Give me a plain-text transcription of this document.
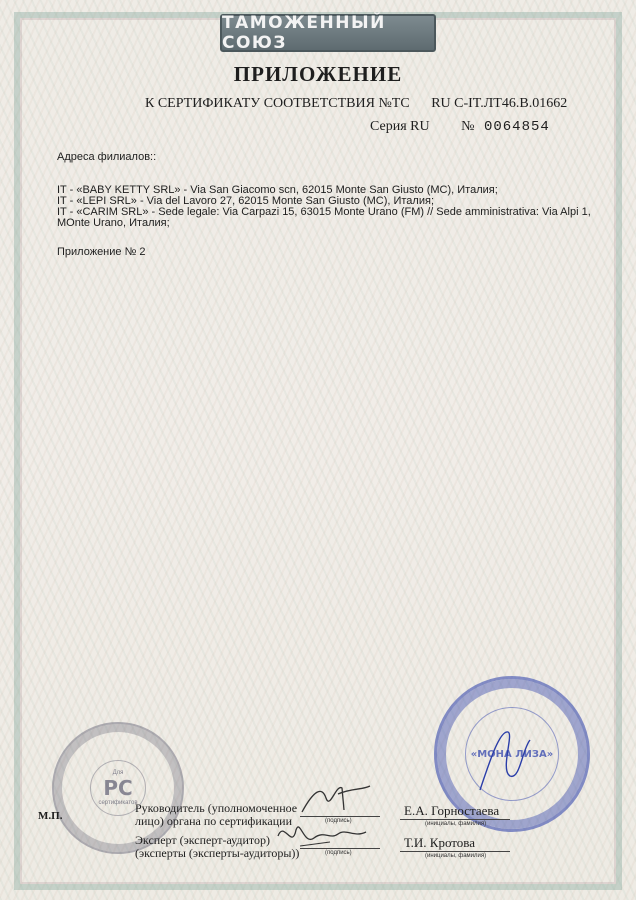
ТАМОЖЕННЫЙ СОЮЗ
ПРИЛОЖЕНИЕ
К СЕРТИФИКАТУ СООТВЕТСТВИЯ №ТС RU C-IT.ЛТ46.В.01662
Серия RU № 0064854
Адреса филиалов::
IT - «BABY KETTY SRL» - Via San Giacomo scn, 62015 Monte San Giusto (MC), Италия;
IT - «LEPI SRL» - Via del Lavoro 27, 62015 Monte San Giusto (MC), Италия;
IT - «CARIM SRL» - Sede legale: Via Carpazi 15, 63015 Monte Urano (FM) // Sede amministrativa: Via Alpi 1,
MOnte Urano, Италия;
Приложение № 2
Для
РС
сертификатов
«МОНА ЛИЗА»
М.П.
Руководитель (уполномоченное
лицо) органа по сертификации
Эксперт (эксперт-аудитор)
(эксперты (эксперты-аудиторы))
(подпись)
(подпись)
(инициалы, фамилия)
(инициалы, фамилия)
Е.А. Горностаева
Т.И. Кротова
